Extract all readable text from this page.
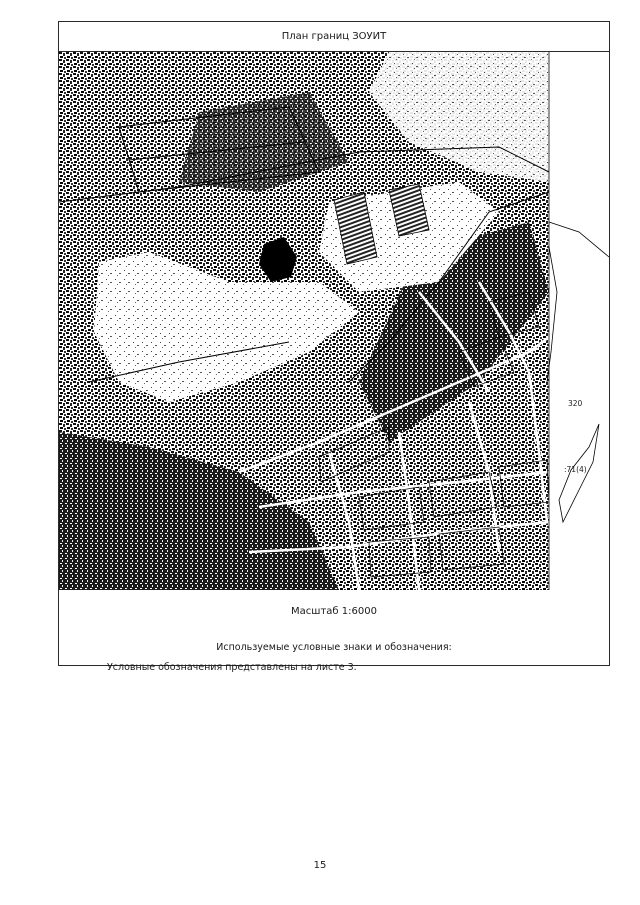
План границ ЗОУИТ
320
:71(4)
Масштаб 1:6000
Используемые условные знаки и обозначения:
Условные обозначения представлены на листе 3.
15
